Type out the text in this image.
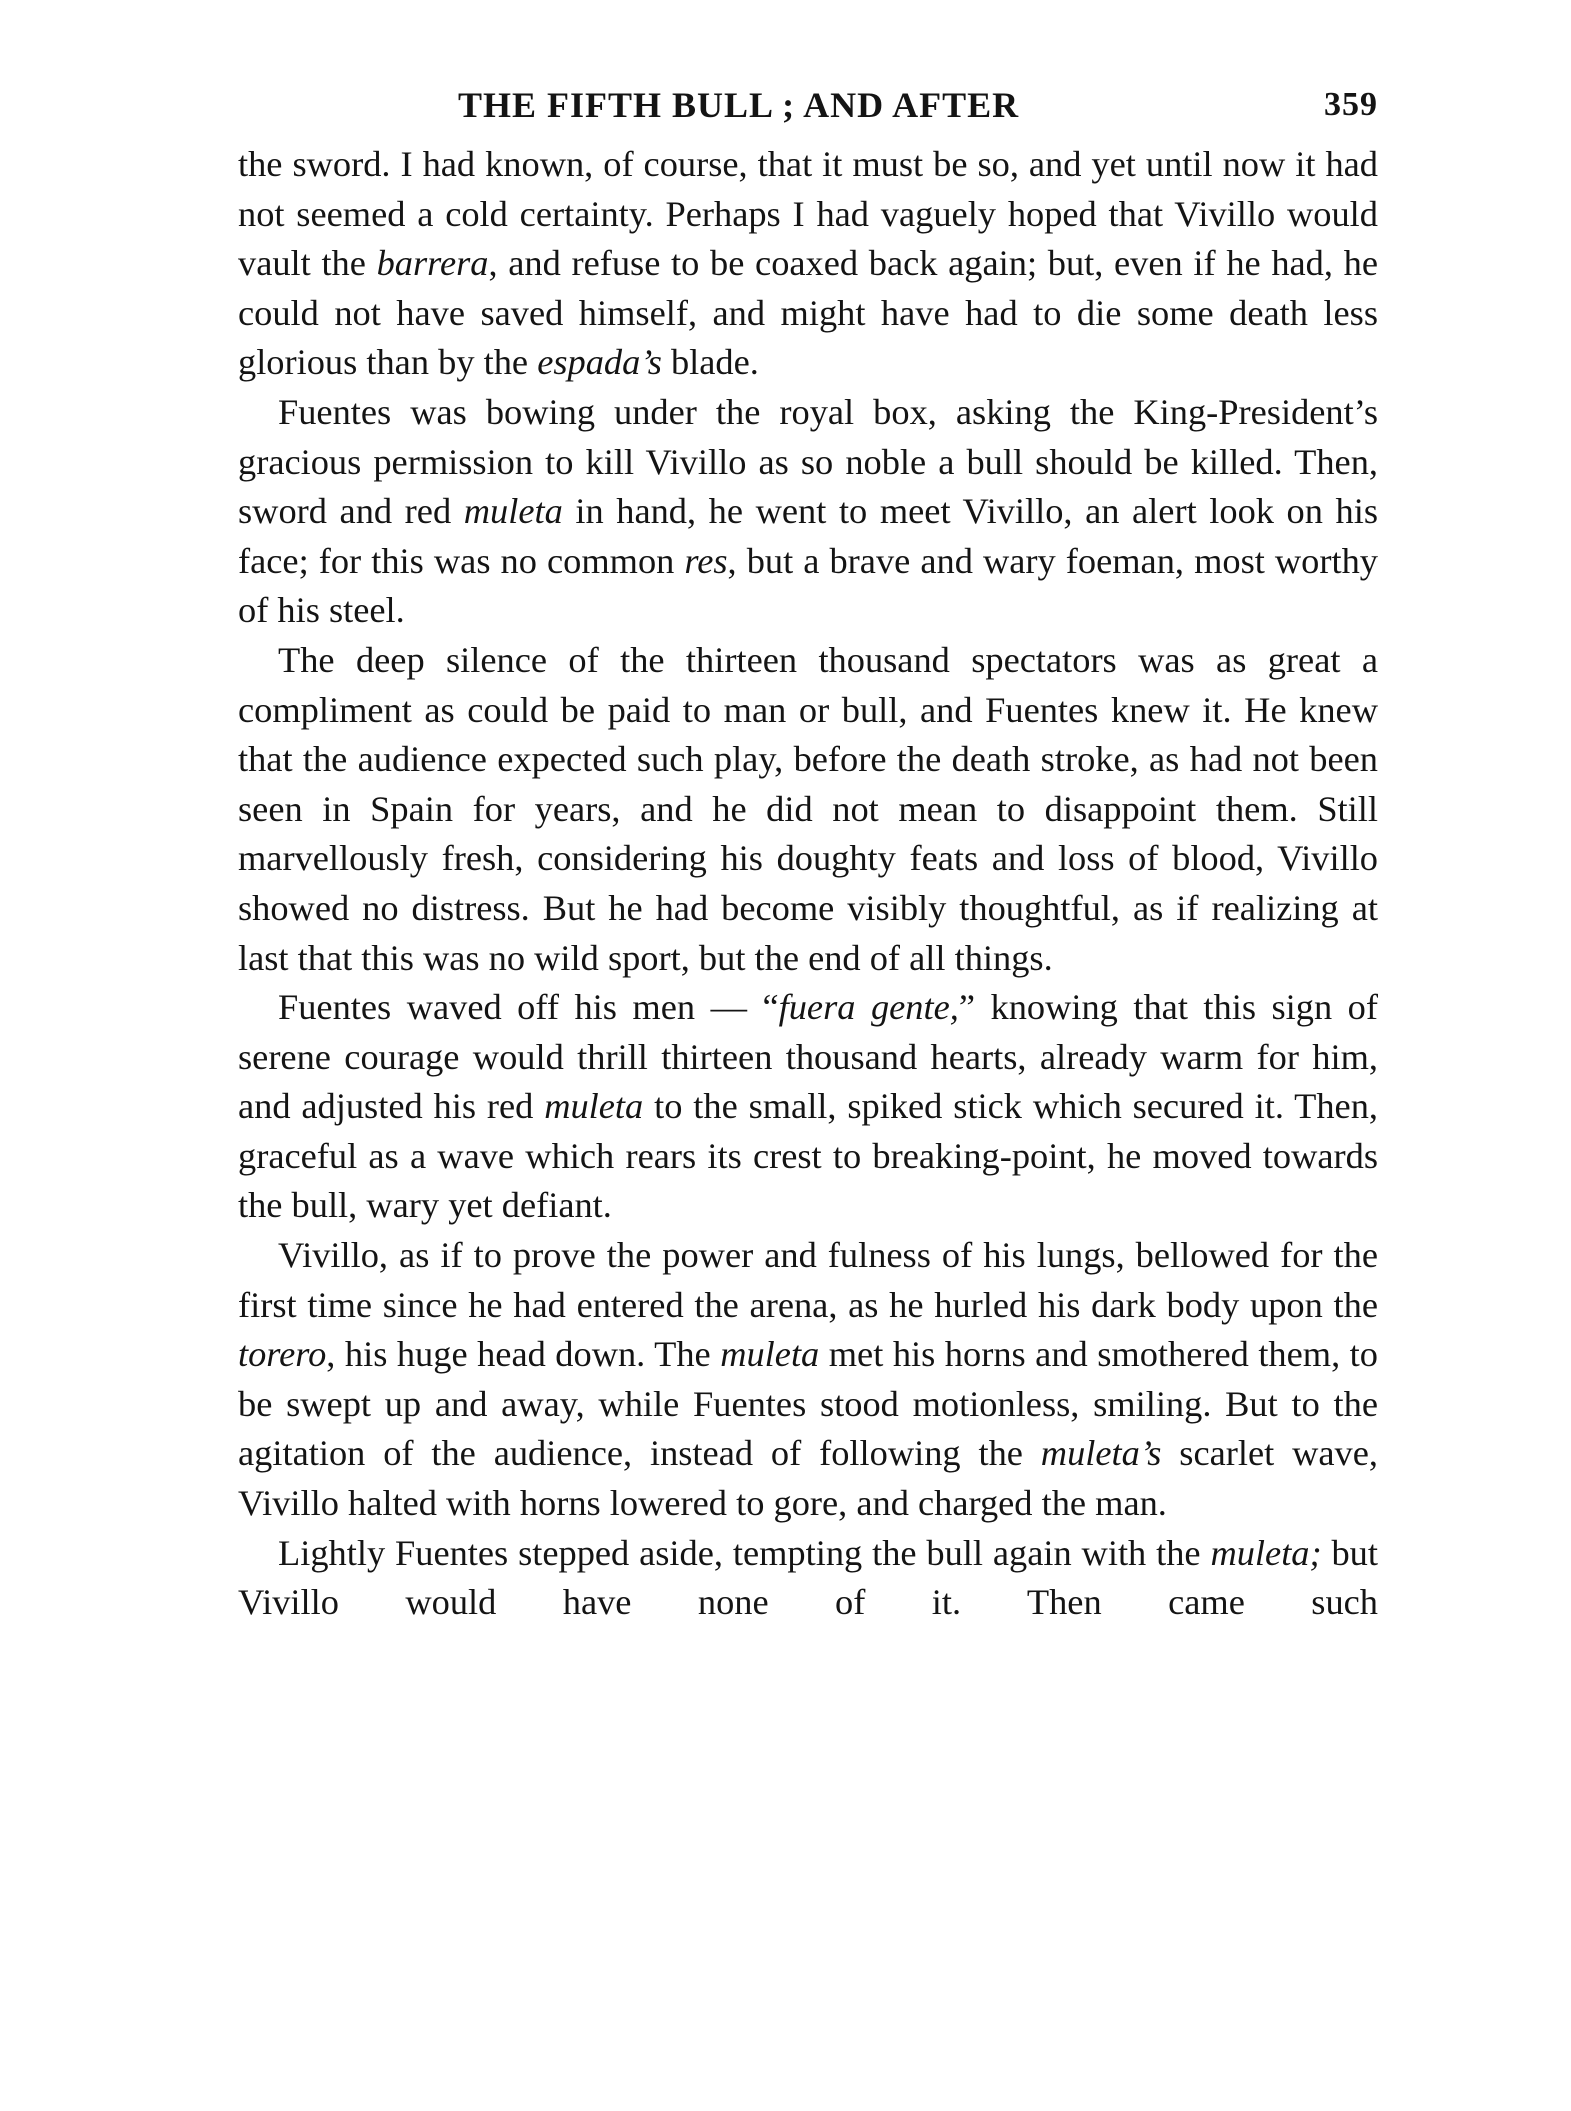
THE FIFTH BULL ; AND AFTER	359

the sword. I had known, of course, that it must be so, and yet until now it had not seemed a cold certainty. Perhaps I had vaguely hoped that Vivillo would vault the barrera, and refuse to be coaxed back again; but, even if he had, he could not have saved himself, and might have had to die some death less glorious than by the espada’s blade.

Fuentes was bowing under the royal box, asking the King-President’s gracious permission to kill Vivillo as so noble a bull should be killed. Then, sword and red muleta in hand, he went to meet Vivillo, an alert look on his face; for this was no common res, but a brave and wary foeman, most worthy of his steel.

The deep silence of the thirteen thousand spectators was as great a compliment as could be paid to man or bull, and Fuentes knew it. He knew that the audience expected such play, before the death stroke, as had not been seen in Spain for years, and he did not mean to disappoint them. Still marvellously fresh, considering his doughty feats and loss of blood, Vivillo showed no distress. But he had become visibly thoughtful, as if realizing at last that this was no wild sport, but the end of all things.

Fuentes waved off his men — “fuera gente,” knowing that this sign of serene courage would thrill thirteen thousand hearts, already warm for him, and adjusted his red muleta to the small, spiked stick which secured it. Then, graceful as a wave which rears its crest to breaking-point, he moved towards the bull, wary yet defiant.

Vivillo, as if to prove the power and fulness of his lungs, bellowed for the first time since he had entered the arena, as he hurled his dark body upon the torero, his huge head down. The muleta met his horns and smothered them, to be swept up and away, while Fuentes stood motionless, smiling. But to the agitation of the audience, instead of following the muleta’s scarlet wave, Vivillo halted with horns lowered to gore, and charged the man.

Lightly Fuentes stepped aside, tempting the bull again with the muleta; but Vivillo would have none of it. Then came such
